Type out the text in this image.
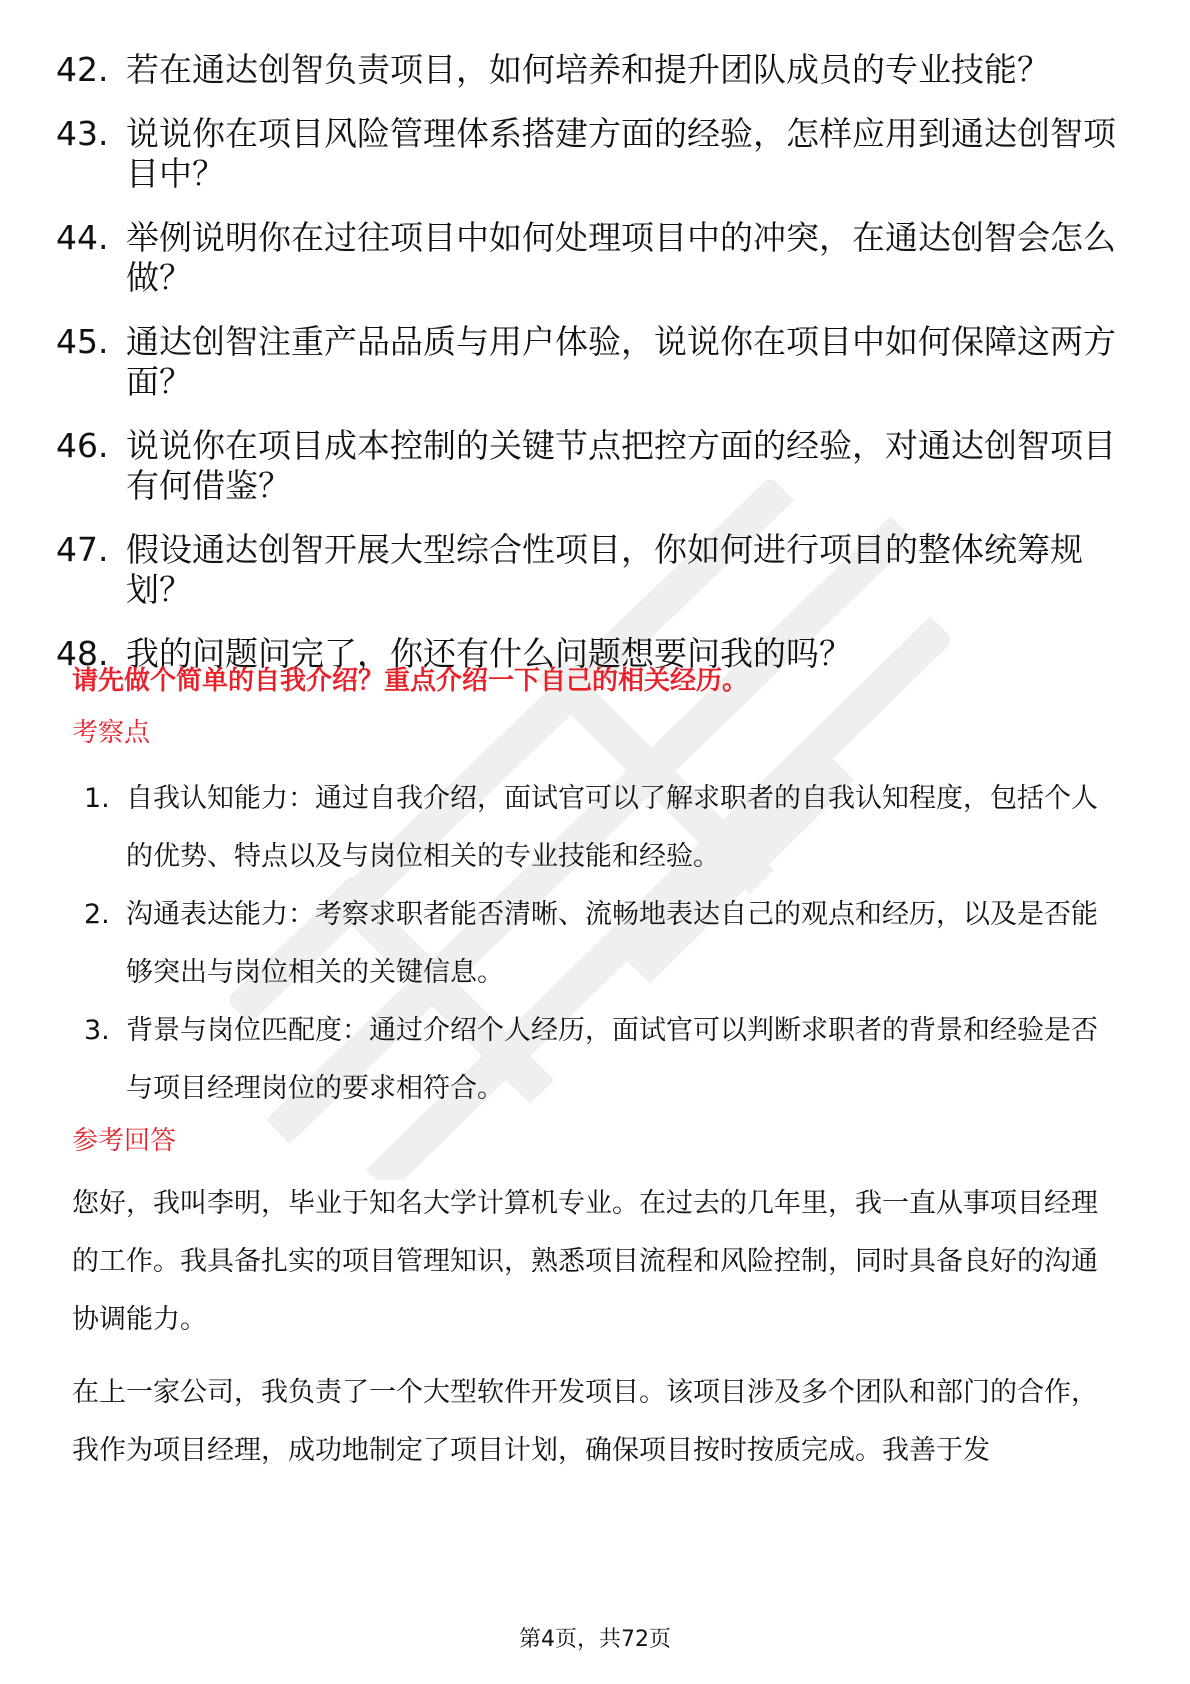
42. 若在通达创智负责项目，如何培养和提升团队成员的专业技能？
43. 说说你在项目风险管理体系搭建方面的经验，怎样应用到通达创智项目中？
44. 举例说明你在过往项目中如何处理项目中的冲突，在通达创智会怎么做？
45. 通达创智注重产品品质与用户体验，说说你在项目中如何保障这两方面？
46. 说说你在项目成本控制的关键节点把控方面的经验，对通达创智项目有何借鉴？
47. 假设通达创智开展大型综合性项目，你如何进行项目的整体统筹规划？
48. 我的问题问完了，你还有什么问题想要问我的吗？
请先做个简单的自我介绍？重点介绍一下自己的相关经历。
考察点
1. 自我认知能力：通过自我介绍，面试官可以了解求职者的自我认知程度，包括个人的优势、特点以及与岗位相关的专业技能和经验。
2. 沟通表达能力：考察求职者能否清晰、流畅地表达自己的观点和经历，以及是否能够突出与岗位相关的关键信息。
3. 背景与岗位匹配度：通过介绍个人经历，面试官可以判断求职者的背景和经验是否与项目经理岗位的要求相符合。
参考回答
您好，我叫李明，毕业于知名大学计算机专业。在过去的几年里，我一直从事项目经理的工作。我具备扎实的项目管理知识，熟悉项目流程和风险控制，同时具备良好的沟通协调能力。
在上一家公司，我负责了一个大型软件开发项目。该项目涉及多个团队和部门的合作，我作为项目经理，成功地制定了项目计划，确保项目按时按质完成。我善于发
第4页，共72页
